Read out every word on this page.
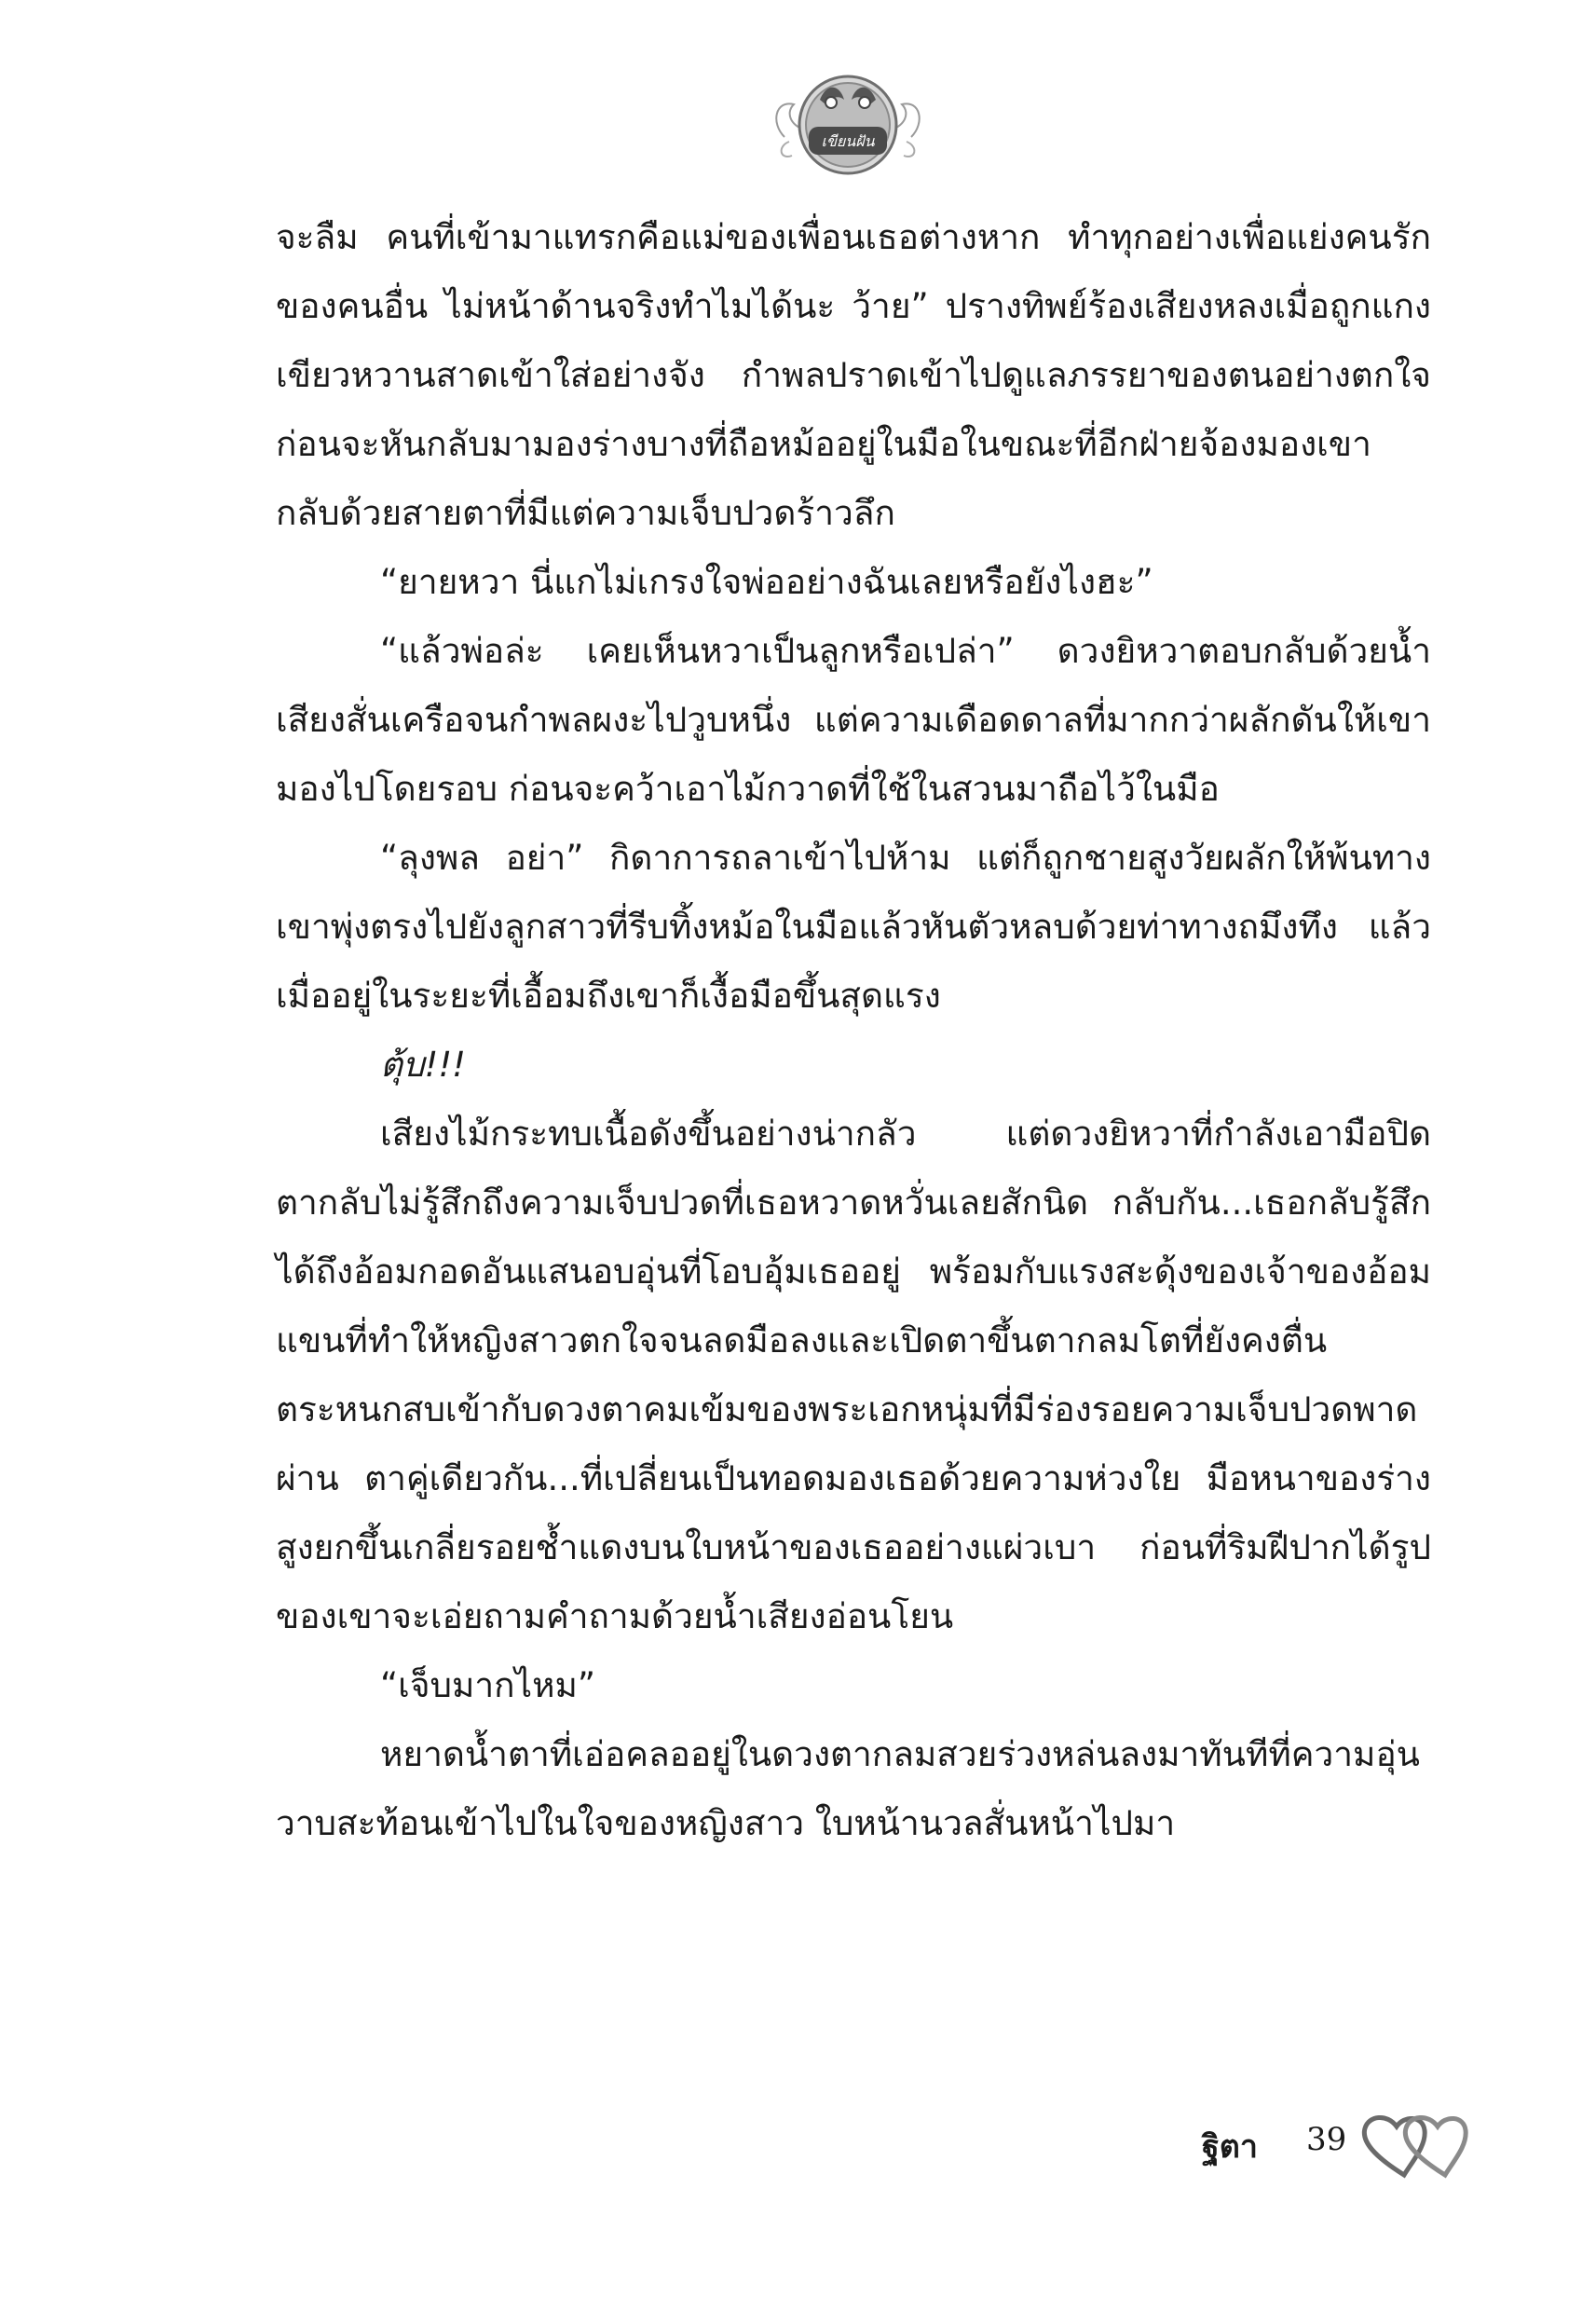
เขียนฝัน

จะลืม คนที่เข้ามาแทรกคือแม่ของเพื่อนเธอต่างหาก ทำทุกอย่างเพื่อแย่งคนรักของคนอื่น ไม่หน้าด้านจริงทำไมได้นะ ว้าย” ปรางทิพย์ร้องเสียงหลงเมื่อถูกแกงเขียวหวานสาดเข้าใส่อย่างจัง กำพลปราดเข้าไปดูแลภรรยาของตนอย่างตกใจ ก่อนจะหันกลับมามองร่างบางที่ถือหม้ออยู่ในมือในขณะที่อีกฝ่ายจ้องมองเขากลับด้วยสายตาที่มีแต่ความเจ็บปวดร้าวลึก

“ยายหวา นี่แกไม่เกรงใจพ่ออย่างฉันเลยหรือยังไงฮะ”

“แล้วพ่อล่ะ เคยเห็นหวาเป็นลูกหรือเปล่า” ดวงยิหวาตอบกลับด้วยน้ำเสียงสั่นเครือจนกำพลผงะไปวูบหนึ่ง แต่ความเดือดดาลที่มากกว่าผลักดันให้เขามองไปโดยรอบ ก่อนจะคว้าเอาไม้กวาดที่ใช้ในสวนมาถือไว้ในมือ

“ลุงพล อย่า” กิดาการถลาเข้าไปห้าม แต่ก็ถูกชายสูงวัยผลักให้พ้นทาง เขาพุ่งตรงไปยังลูกสาวที่รีบทิ้งหม้อในมือแล้วหันตัวหลบด้วยท่าทางถมึงทึง แล้วเมื่ออยู่ในระยะที่เอื้อมถึงเขาก็เงื้อมือขึ้นสุดแรง

ตุ้บ!!!

เสียงไม้กระทบเนื้อดังขึ้นอย่างน่ากลัว แต่ดวงยิหวาที่กำลังเอามือปิดตากลับไม่รู้สึกถึงความเจ็บปวดที่เธอหวาดหวั่นเลยสักนิด กลับกัน...เธอกลับรู้สึกได้ถึงอ้อมกอดอันแสนอบอุ่นที่โอบอุ้มเธออยู่ พร้อมกับแรงสะดุ้งของเจ้าของอ้อมแขนที่ทำให้หญิงสาวตกใจจนลดมือลงและเปิดตาขึ้นตากลมโตที่ยังคงตื่นตระหนกสบเข้ากับดวงตาคมเข้มของพระเอกหนุ่มที่มีร่องรอยความเจ็บปวดพาดผ่าน ตาคู่เดียวกัน...ที่เปลี่ยนเป็นทอดมองเธอด้วยความห่วงใย มือหนาของร่างสูงยกขึ้นเกลี่ยรอยช้ำแดงบนใบหน้าของเธออย่างแผ่วเบา ก่อนที่ริมฝีปากได้รูปของเขาจะเอ่ยถามคำถามด้วยน้ำเสียงอ่อนโยน

“เจ็บมากไหม”

หยาดน้ำตาที่เอ่อคลออยู่ในดวงตากลมสวยร่วงหล่นลงมาทันทีที่ความอุ่นวาบสะท้อนเข้าไปในใจของหญิงสาว ใบหน้านวลสั่นหน้าไปมา

ฐิตา 39
